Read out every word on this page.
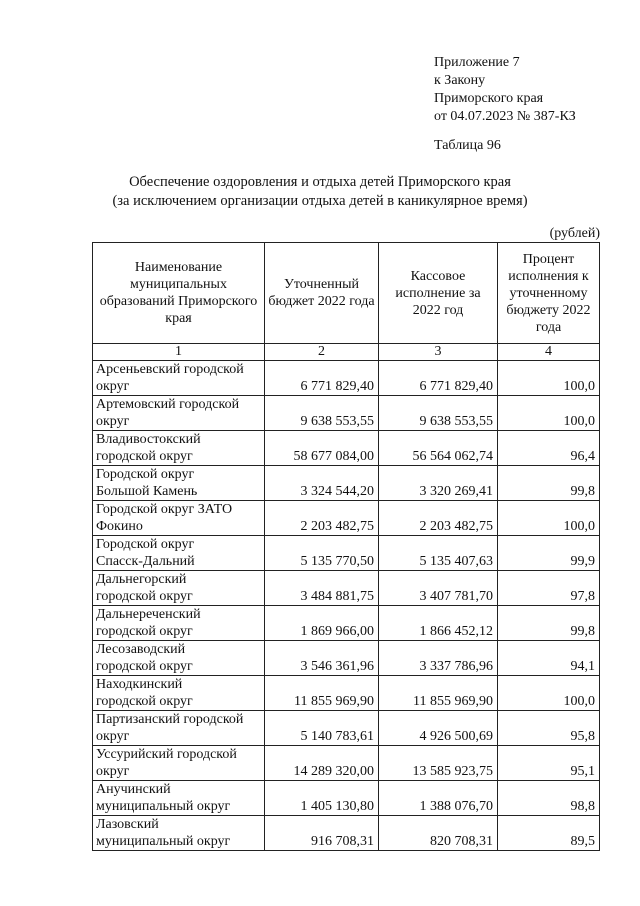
Приложение 7
к Закону
Приморского края
от 04.07.2023 № 387-КЗ
Таблица 96
Обеспечение оздоровления и отдыха детей Приморского края
(за исключением организации отдыха детей в каникулярное время)
(рублей)
Наименование муниципальных образований Приморского края	Уточненный бюджет 2022 года	Кассовое исполнение за 2022 год	Процент исполнения к уточненному бюджету 2022 года
1	2	3	4

Арсеньевский городской
округ	6 771 829,40	6 771 829,40	100,0

Артемовский городской
округ	9 638 553,55	9 638 553,55	100,0

Владивостокский
городской округ	58 677 084,00	56 564 062,74	96,4

Городской округ
Большой Камень	3 324 544,20	3 320 269,41	99,8

Городской округ ЗАТО
Фокино	2 203 482,75	2 203 482,75	100,0

Городской округ
Спасск-Дальний	5 135 770,50	5 135 407,63	99,9

Дальнегорский
городской округ	3 484 881,75	3 407 781,70	97,8

Дальнереченский
городской округ	1 869 966,00	1 866 452,12	99,8

Лесозаводский
городской округ	3 546 361,96	3 337 786,96	94,1

Находкинский
городской округ	11 855 969,90	11 855 969,90	100,0

Партизанский городской
округ	5 140 783,61	4 926 500,69	95,8

Уссурийский городской
округ	14 289 320,00	13 585 923,75	95,1

Анучинский
муниципальный округ	1 405 130,80	1 388 076,70	98,8

Лазовский
муниципальный округ	916 708,31	820 708,31	89,5
